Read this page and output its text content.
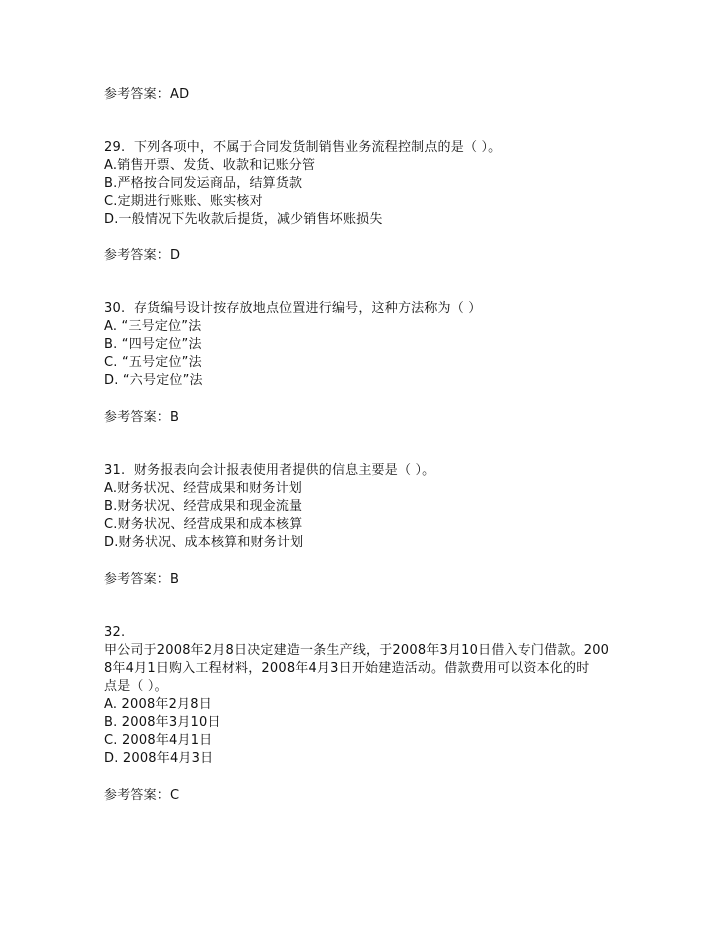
参考答案：AD
29. 下列各项中，不属于合同发货制销售业务流程控制点的是（ ）。
A.销售开票、发货、收款和记账分管
B.严格按合同发运商品，结算货款
C.定期进行账账、账实核对
D.一般情况下先收款后提货，减少销售坏账损失
参考答案：D
30. 存货编号设计按存放地点位置进行编号，这种方法称为（ ）
A. “三号定位”法
B. “四号定位”法
C. “五号定位”法
D. “六号定位”法
参考答案：B
31. 财务报表向会计报表使用者提供的信息主要是（ ）。
A.财务状况、经营成果和财务计划
B.财务状况、经营成果和现金流量
C.财务状况、经营成果和成本核算
D.财务状况、成本核算和财务计划
参考答案：B
32.
甲公司于2008年2月8日决定建造一条生产线，于2008年3月10日借入专门借款。200
8年4月1日购入工程材料，2008年4月3日开始建造活动。借款费用可以资本化的时
点是（ ）。
A. 2008年2月8日
B. 2008年3月10日
C. 2008年4月1日
D. 2008年4月3日
参考答案：C
